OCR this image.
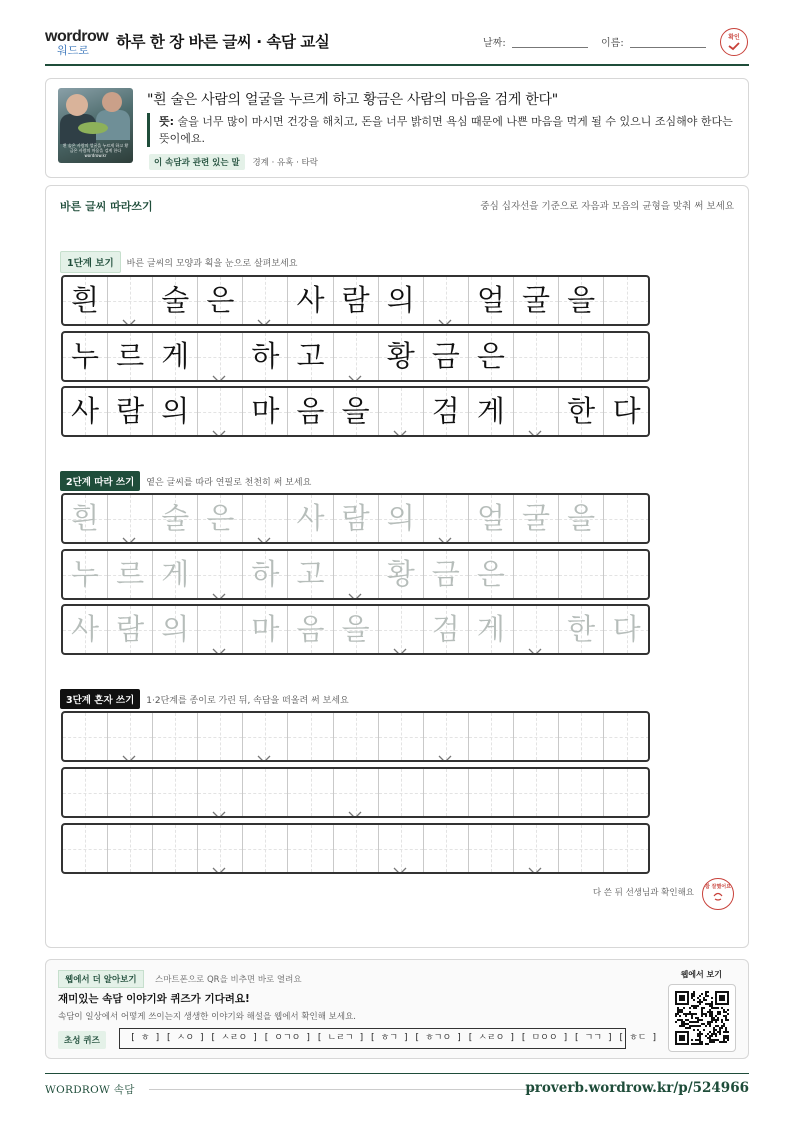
wordrow
워드로	하루 한 장 바른 글씨 · 속담 교실	날짜:	이름:
확인
흰 술은 사람의 얼굴을 누르게 하고 황금은 사람의 마음을 검게 한다 wordrow.kr
"흰 술은 사람의 얼굴을 누르게 하고 황금은 사람의 마음을 검게 한다"
뜻: 술을 너무 많이 마시면 건강을 해치고, 돈을 너무 밝히면 욕심 때문에 나쁜 마음을 먹게 될 수 있으니 조심해야 한다는 뜻이에요.
이 속담과 관련 있는 말 경계 · 유혹 · 타락
바른 글씨 따라쓰기	중심 십자선을 기준으로 자음과 모음의 균형을 맞춰 써 보세요
1단계 보기 바른 글씨의 모양과 획을 눈으로 살펴보세요
2단계 따라 쓰기 옅은 글씨를 따라 연필로 천천히 써 보세요
3단계 혼자 쓰기 1·2단계를 종이로 가린 뒤, 속담을 떠올려 써 보세요
흰 술 은 사 람 의 얼 굴 을
누 르 게 하 고 황 금 은
사 람 의 마 음 을 검 게 한 다
흰 술 은 사 람 의 얼 굴 을
누 르 게 하 고 황 금 은
사 람 의 마 음 을 검 게 한 다
다 쓴 뒤 선생님과 확인해요
참 잘했어요
웹에서 더 알아보기	스마트폰으로 QR을 비추면 바로 열려요
재미있는 속담 이야기와 퀴즈가 기다려요!
속담이 일상에서 어떻게 쓰이는지 생생한 이야기와 해설을 웹에서 확인해 보세요.
초성 퀴즈	[ ㅎ ] [ ㅅㅇ ] [ ㅅㄹㅇ ] [ ㅇㄱㅇ ] [ ㄴㄹㄱ ] [ ㅎㄱ ] [ ㅎㄱㅇ ] [ ㅅㄹㅇ ] [ ㅁㅇㅇ ] [ ㄱㄱ ] [ ㅎㄷ ]
웹에서 보기
WORDROW 속담	proverb.wordrow.kr/p/524966
